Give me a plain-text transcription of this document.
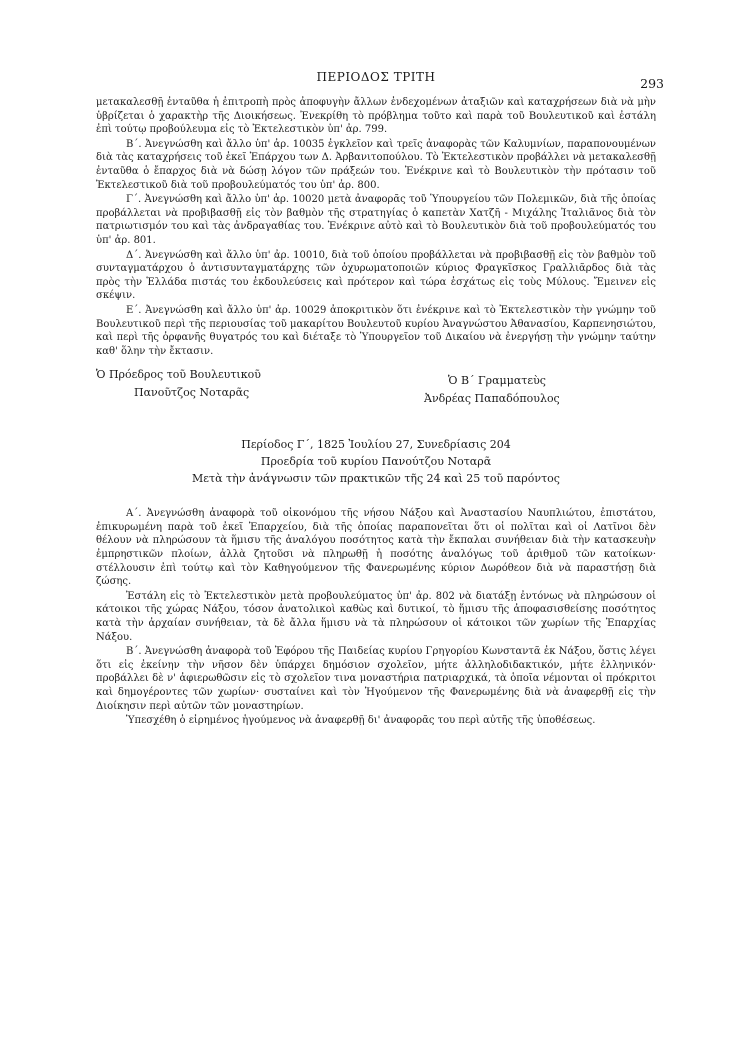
ΠΕΡΙΟΔΟΣ ΤΡΙΤΗ	293

μετακαλεσθῇ ἐνταῦθα ἡ ἐπιτροπὴ πρὸς ἀποφυγὴν ἄλλων ἐνδεχομένων ἀταξιῶν καὶ καταχρήσεων διὰ νὰ μὴν ὑβρίζεται ὁ χαρακτὴρ τῆς Διοικήσεως. Ἐνεκρίθη τὸ πρόβλημα τοῦτο καὶ παρὰ τοῦ Βουλευτικοῦ καὶ ἐστάλη ἐπὶ τούτῳ προβούλευμα εἰς τὸ Ἐκτελεστικὸν ὑπ' ἀρ. 799.

Β΄. Ἀνεγνώσθη καὶ ἄλλο ὑπ' ἀρ. 10035 ἐγκλεῖον καὶ τρεῖς ἀναφορὰς τῶν Καλυμνίων, παραπονουμένων διὰ τὰς καταχρήσεις τοῦ ἐκεῖ Ἐπάρχου των Δ. Ἀρβανιτοπούλου. Τὸ Ἐκτελεστικὸν προβάλλει νὰ μετακαλεσθῇ ἐνταῦθα ὁ ἔπαρχος διὰ νὰ δώσῃ λόγον τῶν πράξεών του. Ἐνέκρινε καὶ τὸ Βουλευτικὸν τὴν πρότασιν τοῦ Ἐκτελεστικοῦ διὰ τοῦ προβουλεύματός του ὑπ' ἀρ. 800.

Γ΄. Ἀνεγνώσθη καὶ ἄλλο ὑπ' ἀρ. 10020 μετὰ ἀναφορᾶς τοῦ Ὑπουργείου τῶν Πολεμικῶν, διὰ τῆς ὁποίας προβάλλεται νὰ προβιβασθῇ εἰς τὸν βαθμὸν τῆς στρατηγίας ὁ καπετὰν Χατζῆ - Μιχάλης Ἰταλιᾶνος διὰ τὸν πατριωτισμόν του καὶ τὰς ἀνδραγαθίας του. Ἐνέκρινε αὐτὸ καὶ τὸ Βουλευτικὸν διὰ τοῦ προβουλεύματός του ὑπ' ἀρ. 801.

Δ΄. Ἀνεγνώσθη καὶ ἄλλο ὑπ' ἀρ. 10010, διὰ τοῦ ὁποίου προβάλλεται νὰ προβιβασθῇ εἰς τὸν βαθμὸν τοῦ συνταγματάρχου ὁ ἀντισυνταγματάρχης τῶν ὀχυρωματοποιῶν κύριος Φραγκῖσκος Γραλλιᾶρδος διὰ τὰς πρὸς τὴν Ἑλλάδα πιστάς του ἐκδουλεύσεις καὶ πρότερον καὶ τώρα ἐσχάτως εἰς τοὺς Μύλους. Ἔμεινεν εἰς σκέψιν.

Ε΄. Ἀνεγνώσθη καὶ ἄλλο ὑπ' ἀρ. 10029 ἀποκριτικὸν ὅτι ἐνέκρινε καὶ τὸ Ἐκτελεστικὸν τὴν γνώμην τοῦ Βουλευτικοῦ περὶ τῆς περιουσίας τοῦ μακαρίτου Βουλευτοῦ κυρίου Ἀναγνώστου Ἀθανασίου, Καρπενησιώτου, καὶ περὶ τῆς ὀρφανῆς θυγατρός του καὶ διέταξε τὸ Ὑπουργεῖον τοῦ Δικαίου νὰ ἐνεργήσῃ τὴν γνώμην ταύτην καθ' ὅλην τὴν ἔκτασιν.

Ὁ Πρόεδρος τοῦ Βουλευτικοῦ
Πανοῦτζος Νοταρᾶς
Ὁ Β΄ Γραμματεὺς
Ἀνδρέας Παπαδόπουλος
Περίοδος Γ΄, 1825 Ἰουλίου 27, Συνεδρίασις 204
Προεδρία τοῦ κυρίου Πανούτζου Νοταρᾶ
Μετὰ τὴν ἀνάγνωσιν τῶν πρακτικῶν τῆς 24 καὶ 25 τοῦ παρόντος

Α΄. Ἀνεγνώσθη ἀναφορὰ τοῦ οἰκονόμου τῆς νήσου Νάξου καὶ Ἀναστασίου Ναυπλιώτου, ἐπιστάτου, ἐπικυρωμένη παρὰ τοῦ ἐκεῖ Ἐπαρχείου, διὰ τῆς ὁποίας παραπονεῖται ὅτι οἱ πολῖται καὶ οἱ Λατῖνοι δὲν θέλουν νὰ πληρώσουν τὰ ἥμισυ τῆς ἀναλόγου ποσότητος κατὰ τὴν ἔκπαλαι συνήθειαν διὰ τὴν κατασκευὴν ἐμπρηστικῶν πλοίων, ἀλλὰ ζητοῦσι νὰ πληρωθῇ ἡ ποσότης ἀναλόγως τοῦ ἀριθμοῦ τῶν κατοίκων· στέλλουσιν ἐπὶ τούτῳ καὶ τὸν Καθηγούμενον τῆς Φανερωμένης κύριον Δωρόθεον διὰ νὰ παραστήσῃ διὰ ζώσης.

Ἐστάλη εἰς τὸ Ἐκτελεστικὸν μετὰ προβουλεύματος ὑπ' ἀρ. 802 νὰ διατάξῃ ἐντόνως νὰ πληρώσουν οἱ κάτοικοι τῆς χώρας Νάξου, τόσον ἀνατολικοὶ καθὼς καὶ δυτικοί, τὸ ἥμισυ τῆς ἀποφασισθείσης ποσότητος κατὰ τὴν ἀρχαίαν συνήθειαν, τὰ δὲ ἄλλα ἥμισυ νὰ τὰ πληρώσουν οἱ κάτοικοι τῶν χωρίων τῆς Ἐπαρχίας Νάξου.

Β΄. Ἀνεγνώσθη ἀναφορὰ τοῦ Ἐφόρου τῆς Παιδείας κυρίου Γρηγορίου Κωνσταντᾶ ἐκ Νάξου, ὅστις λέγει ὅτι εἰς ἐκείνην τὴν νῆσον δὲν ὑπάρχει δημόσιον σχολεῖον, μήτε ἀλληλοδιδακτικόν, μήτε ἑλληνικόν· προβάλλει δὲ ν' ἀφιερωθῶσιν εἰς τὸ σχολεῖον τινα μοναστήρια πατριαρχικά, τὰ ὁποῖα νέμονται οἱ πρόκριτοι καὶ δημογέροντες τῶν χωρίων· συσταίνει καὶ τὸν Ἡγούμενον τῆς Φανερωμένης διὰ νὰ ἀναφερθῇ εἰς τὴν Διοίκησιν περὶ αὐτῶν τῶν μοναστηρίων.

Ὑπεσχέθη ὁ εἰρημένος ἡγούμενος νὰ ἀναφερθῇ δι' ἀναφορᾶς του περὶ αὐτῆς τῆς ὑποθέσεως.
